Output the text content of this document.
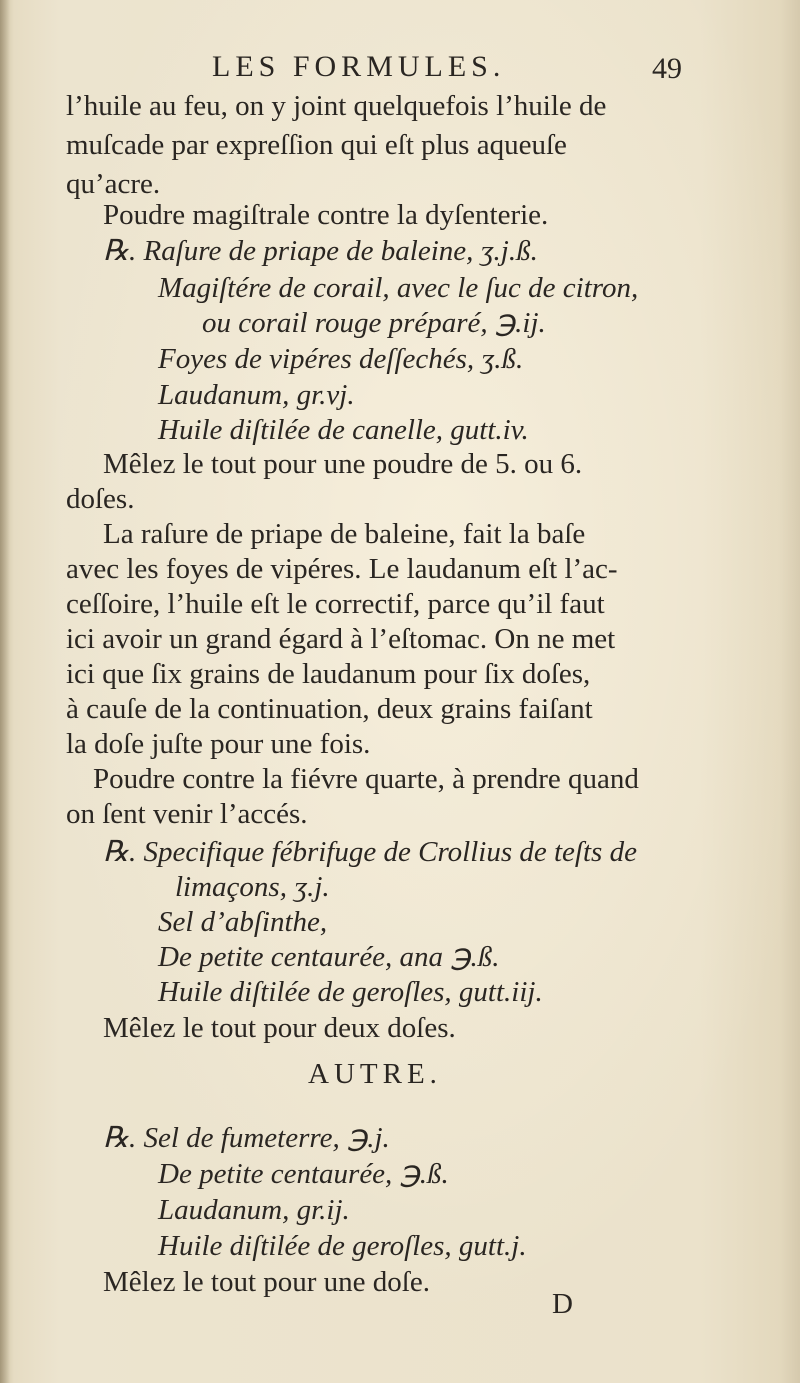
LES FORMULES.	49
l’huile au feu, on y joint quelquefois l’huile de
muſcade par expreſſion qui eſt plus aqueuſe
qu’acre.
Poudre magiſtrale contre la dyſenterie.
℞. Raſure de priape de baleine, ʒ.j.ß.
Magiſtére de corail, avec le ſuc de citron,
ou corail rouge préparé, ℈.ij.
Foyes de vipéres deſſechés, ʒ.ß.
Laudanum, gr.vj.
Huile diſtilée de canelle, gutt.iv.
Mêlez le tout pour une poudre de 5. ou 6.
doſes.
La raſure de priape de baleine, fait la baſe
avec les foyes de vipéres. Le laudanum eſt l’ac-
ceſſoire, l’huile eſt le correctif, parce qu’il faut
ici avoir un grand égard à l’eſtomac. On ne met
ici que ſix grains de laudanum pour ſix doſes,
à cauſe de la continuation, deux grains faiſant
la doſe juſte pour une fois.
Poudre contre la fiévre quarte, à prendre quand
on ſent venir l’accés.
℞. Specifique fébrifuge de Crollius de teſts de
limaçons, ʒ.j.
Sel d’abſinthe,
De petite centaurée, ana ℈.ß.
Huile diſtilée de geroſles, gutt.iij.
Mêlez le tout pour deux doſes.
AUTRE.
℞. Sel de fumeterre, ℈.j.
De petite centaurée, ℈.ß.
Laudanum, gr.ij.
Huile diſtilée de geroſles, gutt.j.
Mêlez le tout pour une doſe.
D
